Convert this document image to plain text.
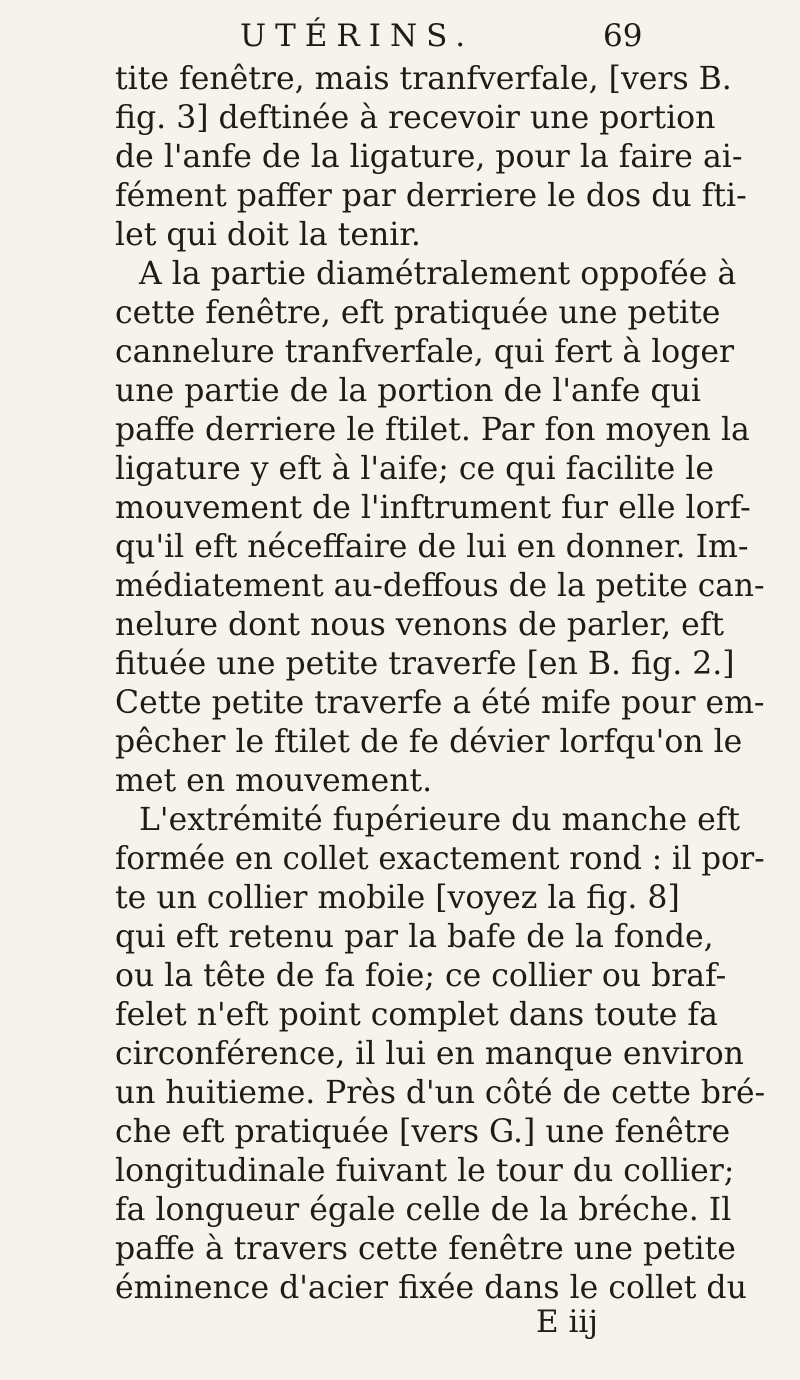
UTÉRINS.	69
tite fenêtre, mais tranfverfale, [vers B.
fig. 3] deftinée à recevoir une portion
de l'anfe de la ligature, pour la faire ai-
fément paffer par derriere le dos du fti-
let qui doit la tenir.
A la partie diamétralement oppofée à
cette fenêtre, eft pratiquée une petite
cannelure tranfverfale, qui fert à loger
une partie de la portion de l'anfe qui
paffe derriere le ftilet. Par fon moyen la
ligature y eft à l'aife; ce qui facilite le
mouvement de l'inftrument fur elle lorf-
qu'il eft néceffaire de lui en donner. Im-
médiatement au-deffous de la petite can-
nelure dont nous venons de parler, eft
fituée une petite traverfe [en B. fig. 2.]
Cette petite traverfe a été mife pour em-
pêcher le ftilet de fe dévier lorfqu'on le
met en mouvement.
L'extrémité fupérieure du manche eft
formée en collet exactement rond : il por-
te un collier mobile [voyez la fig. 8]
qui eft retenu par la bafe de la fonde,
ou la tête de fa foie; ce collier ou braf-
felet n'eft point complet dans toute fa
circonférence, il lui en manque environ
un huitieme. Près d'un côté de cette bré-
che eft pratiquée [vers G.] une fenêtre
longitudinale fuivant le tour du collier;
fa longueur égale celle de la bréche. Il
paffe à travers cette fenêtre une petite
éminence d'acier fixée dans le collet du
E iij
